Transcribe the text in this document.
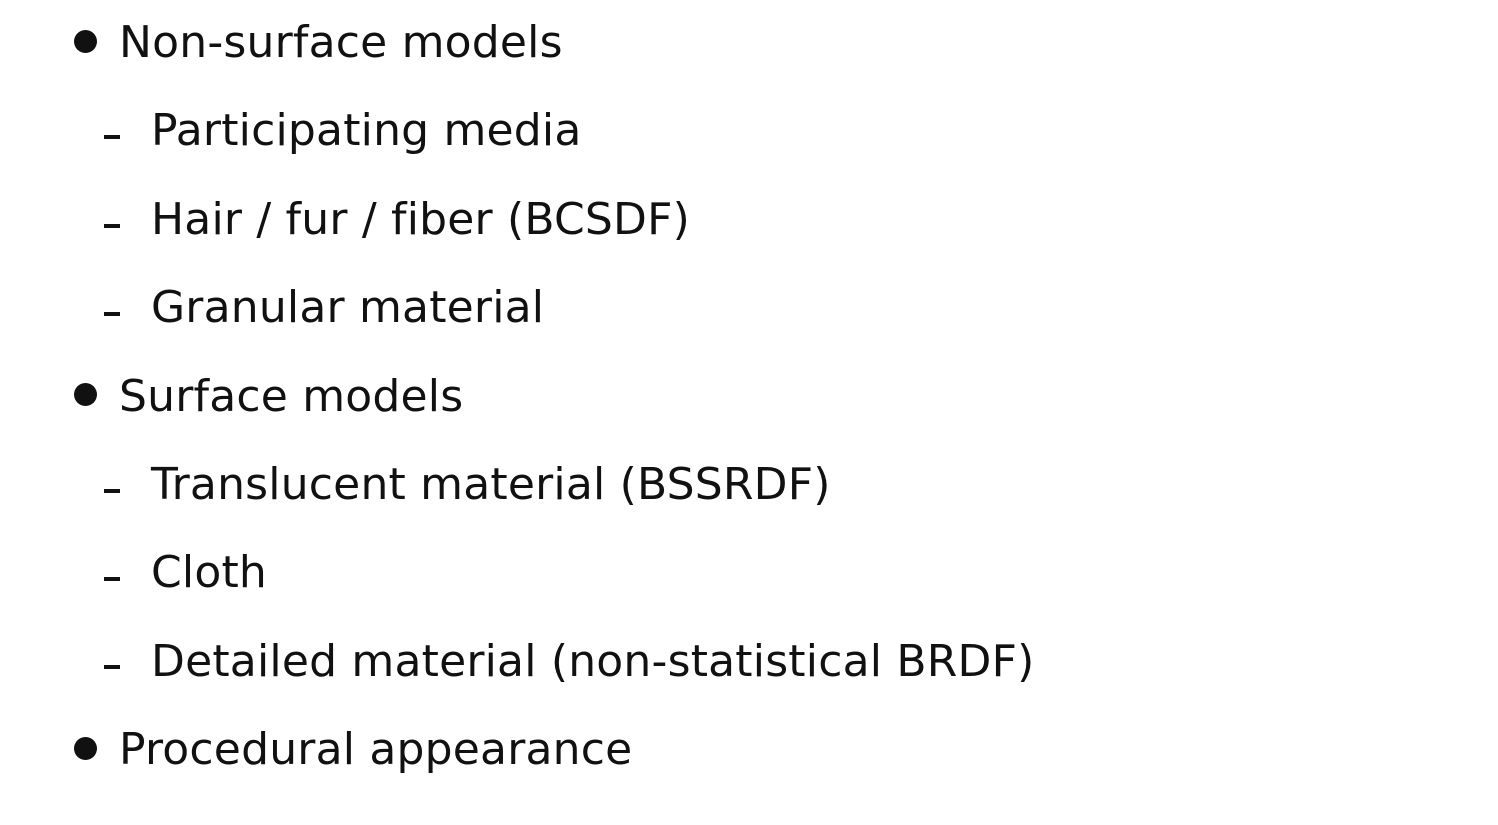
Non-surface models
Participating media
Hair / fur / fiber (BCSDF)
Granular material
Surface models
Translucent material (BSSRDF)
Cloth
Detailed material (non-statistical BRDF)
Procedural appearance
